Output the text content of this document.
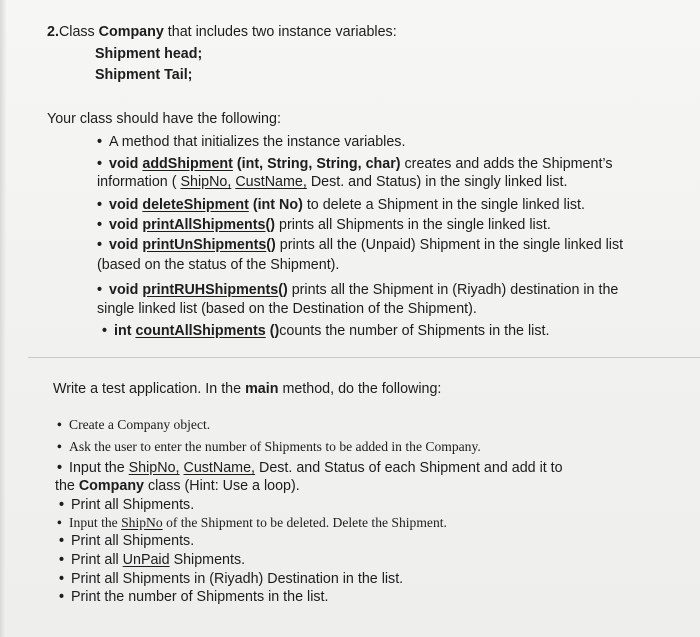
2.Class Company that includes two instance variables:
Shipment head;
Shipment Tail;
Your class should have the following:
• A method that initializes the instance variables.
• void addShipment (int, String, String, char) creates and adds the Shipment’s
information ( ShipNo, CustName, Dest. and Status) in the singly linked list.
• void deleteShipment (int No) to delete a Shipment in the single linked list.
• void printAllShipments() prints all Shipments in the single linked list.
• void printUnShipments() prints all the (Unpaid) Shipment in the single linked list
(based on the status of the Shipment).
• void printRUHShipments() prints all the Shipment in (Riyadh) destination in the
single linked list (based on the Destination of the Shipment).
• int countAllShipments ()counts the number of Shipments in the list.
Write a test application. In the main method, do the following:
• Create a Company object.
• Ask the user to enter the number of Shipments to be added in the Company.
• Input the ShipNo, CustName, Dest. and Status of each Shipment and add it to
the Company class (Hint: Use a loop).
• Print all Shipments.
• Input the ShipNo of the Shipment to be deleted. Delete the Shipment.
• Print all Shipments.
• Print all UnPaid Shipments.
• Print all Shipments in (Riyadh) Destination in the list.
• Print the number of Shipments in the list.
